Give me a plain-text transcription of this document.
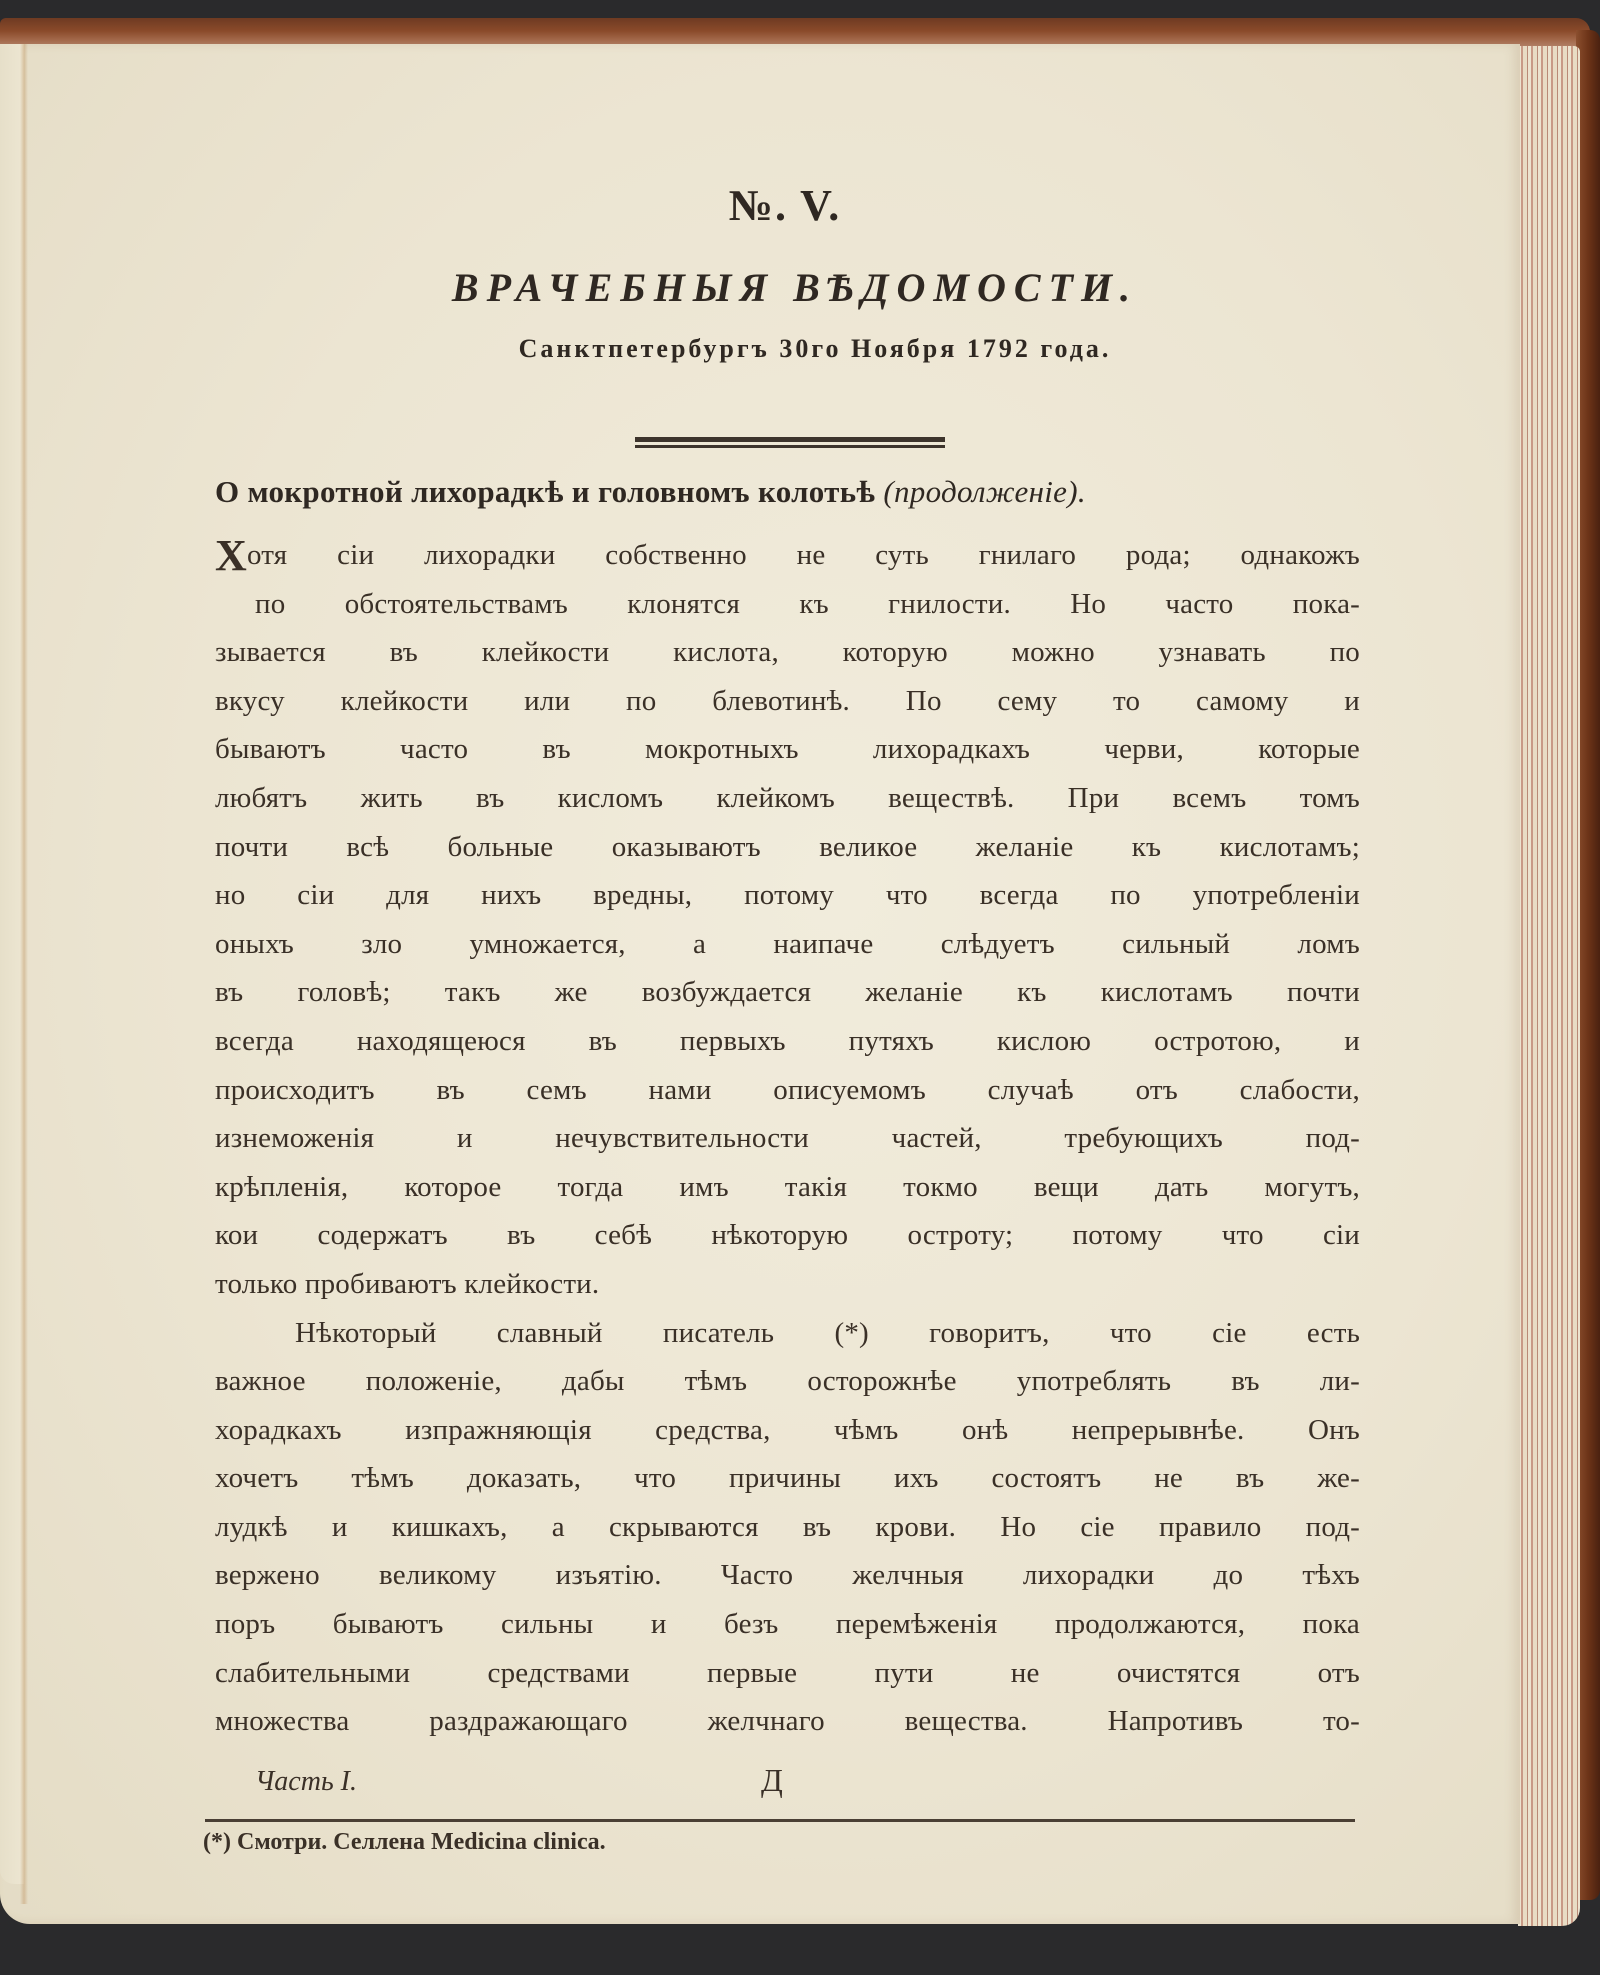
№. V.
ВРАЧЕБНЫЯ ВѢДОМОСТИ.
Санктпетербургъ 30го Ноября 1792 года.
О мокротной лихорадкѣ и головномъ колотьѣ (продолженіе).
Хотя сіи лихорадки собственно не суть гнилаго рода; однакожъ
по обстоятельствамъ клонятся къ гнилости. Но часто пока-
зывается въ клейкости кислота, которую можно узнавать по
вкусу клейкости или по блевотинѣ. По сему то самому и
бываютъ часто въ мокротныхъ лихорадкахъ черви, которые
любятъ жить въ кисломъ клейкомъ веществѣ. При всемъ томъ
почти всѣ больные оказываютъ великое желаніе къ кислотамъ;
но сіи для нихъ вредны, потому что всегда по употребленіи
оныхъ зло умножается, а наипаче слѣдуетъ сильный ломъ
въ головѣ; такъ же возбуждается желаніе къ кислотамъ почти
всегда находящеюся въ первыхъ путяхъ кислою остротою, и
происходитъ въ семъ нами описуемомъ случаѣ отъ слабости,
изнеможенія и нечувствительности частей, требующихъ под-
крѣпленія, которое тогда имъ такія токмо вещи дать могутъ,
кои содержатъ въ себѣ нѣкоторую остроту; потому что сіи
только пробиваютъ клейкости.
Нѣкоторый славный писатель (*) говоритъ, что сіе есть
важное положеніе, дабы тѣмъ осторожнѣе употреблять въ ли-
хорадкахъ изпражняющія средства, чѣмъ онѣ непрерывнѣе. Онъ
хочетъ тѣмъ доказать, что причины ихъ состоятъ не въ же-
лудкѣ и кишкахъ, а скрываются въ крови. Но сіе правило под-
вержено великому изъятію. Часто желчныя лихорадки до тѣхъ
поръ бываютъ сильны и безъ перемѣженія продолжаются, пока
слабительными средствами первые пути не очистятся отъ
множества раздражающаго желчнаго вещества. Напротивъ то-
Часть I.	Д
(*) Смотри. Селлена Medicina clinica.
